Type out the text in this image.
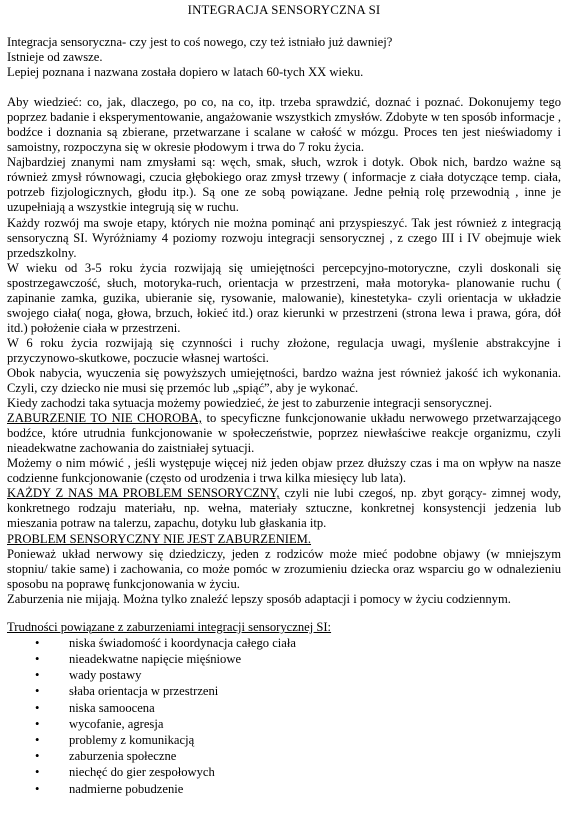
INTEGRACJA SENSORYCZNA SI

Integracja sensoryczna- czy jest to coś nowego, czy też istniało już dawniej?

Istnieje od zawsze.

Lepiej poznana i nazwana została dopiero w latach 60-tych XX wieku.

Aby wiedzieć: co, jak, dlaczego, po co, na co, itp. trzeba sprawdzić, doznać i poznać. Dokonujemy tego poprzez badanie i eksperymentowanie, angażowanie wszystkich zmysłów. Zdobyte w ten sposób informacje , bodźce i doznania są zbierane, przetwarzane i scalane w całość w mózgu. Proces ten jest nieświadomy i samoistny, rozpoczyna się w okresie płodowym i trwa do 7 roku życia.

Najbardziej znanymi nam zmysłami są: węch, smak, słuch, wzrok i dotyk. Obok nich, bardzo ważne są również zmysł równowagi, czucia głębokiego oraz zmysł trzewy ( informacje z ciała dotyczące temp. ciała, potrzeb fizjologicznych, głodu itp.). Są one ze sobą powiązane. Jedne pełnią rolę przewodnią , inne je uzupełniają a wszystkie integrują się w ruchu.

Każdy rozwój ma swoje etapy, których nie można pominąć ani przyspieszyć. Tak jest również z integracją sensoryczną SI. Wyróżniamy 4 poziomy rozwoju integracji sensorycznej , z czego III i IV obejmuje wiek przedszkolny.

W wieku od 3-5 roku życia rozwijają się umiejętności percepcyjno-motoryczne, czyli doskonali się spostrzegawczość, słuch, motoryka-ruch, orientacja w przestrzeni, mała motoryka- planowanie ruchu ( zapinanie zamka, guzika, ubieranie się, rysowanie, malowanie), kinestetyka- czyli orientacja w układzie swojego ciała( noga, głowa, brzuch, łokieć itd.) oraz kierunki w przestrzeni (strona lewa i prawa, góra, dół itd.) położenie ciała w przestrzeni.

W 6 roku życia rozwijają się czynności i ruchy złożone, regulacja uwagi, myślenie abstrakcyjne i przyczynowo-skutkowe, poczucie własnej wartości.

Obok nabycia, wyuczenia się powyższych umiejętności, bardzo ważna jest również jakość ich wykonania. Czyli, czy dziecko nie musi się przemóc lub „spiąć”, aby je wykonać.

Kiedy zachodzi taka sytuacja możemy powiedzieć, że jest to zaburzenie integracji sensorycznej.

ZABURZENIE TO NIE CHOROBA, to specyficzne funkcjonowanie układu nerwowego przetwarzającego bodźce, które utrudnia funkcjonowanie w społeczeństwie, poprzez niewłaściwe reakcje organizmu, czyli nieadekwatne zachowania do zaistniałej sytuacji.

Możemy o nim mówić , jeśli występuje więcej niż jeden objaw przez dłuższy czas i ma on wpływ na nasze codzienne funkcjonowanie (często od urodzenia i trwa kilka miesięcy lub lata).

KAŻDY Z NAS MA PROBLEM SENSORYCZNY, czyli nie lubi czegoś, np. zbyt gorący- zimnej wody, konkretnego rodzaju materiału, np. wełna, materiały sztuczne, konkretnej konsystencji jedzenia lub mieszania potraw na talerzu, zapachu, dotyku lub głaskania itp.

PROBLEM SENSORYCZNY NIE JEST ZABURZENIEM.

Ponieważ układ nerwowy się dziedziczy, jeden z rodziców może mieć podobne objawy (w mniejszym stopniu/ takie same) i zachowania, co może pomóc w zrozumieniu dziecka oraz wsparciu go w odnalezieniu sposobu na poprawę funkcjonowania w życiu.

Zaburzenia nie mijają. Można tylko znaleźć lepszy sposób adaptacji i pomocy w życiu codziennym.

Trudności powiązane z zaburzeniami integracji sensorycznej SI:

• niska świadomość i koordynacja całego ciała
• nieadekwatne napięcie mięśniowe
• wady postawy
• słaba orientacja w przestrzeni
• niska samoocena
• wycofanie, agresja
• problemy z komunikacją
• zaburzenia społeczne
• niechęć do gier zespołowych
• nadmierne pobudzenie
